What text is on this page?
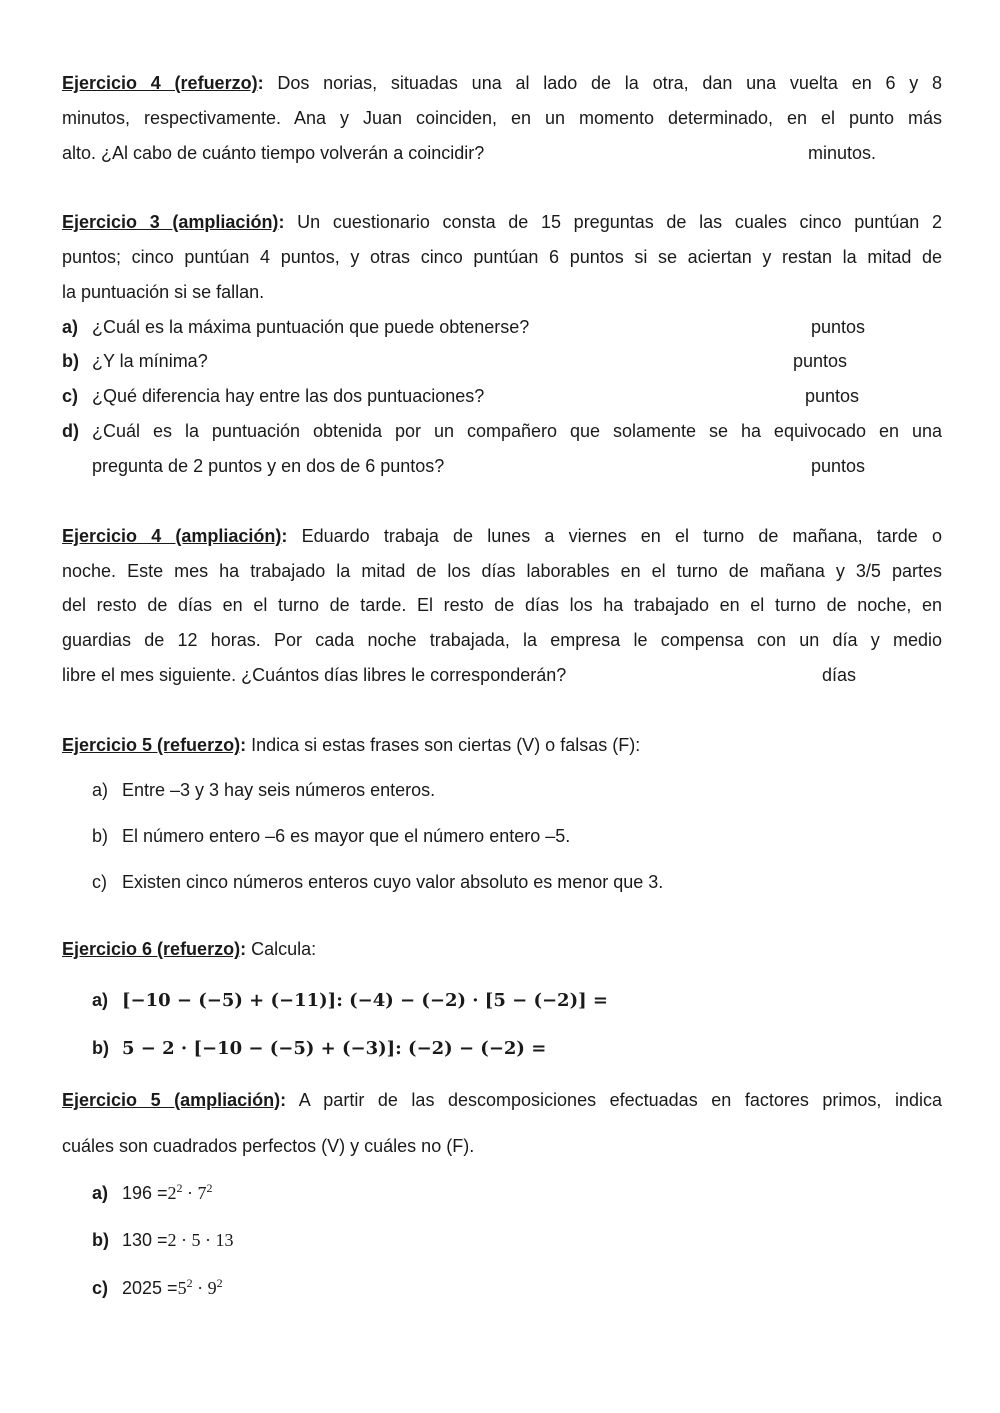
Ejercicio 4 (refuerzo): Dos norias, situadas una al lado de la otra, dan una vuelta en 6 y 8
minutos, respectivamente. Ana y Juan coinciden, en un momento determinado, en el punto más
alto. ¿Al cabo de cuánto tiempo volverán a coincidir?	minutos.
Ejercicio 3 (ampliación): Un cuestionario consta de 15 preguntas de las cuales cinco puntúan 2
puntos; cinco puntúan 4 puntos, y otras cinco puntúan 6 puntos si se aciertan y restan la mitad de
la puntuación si se fallan.
a) ¿Cuál es la máxima puntuación que puede obtenerse?	puntos
b) ¿Y la mínima?	puntos
c) ¿Qué diferencia hay entre las dos puntuaciones?	puntos
d) ¿Cuál es la puntuación obtenida por un compañero que solamente se ha equivocado en una
pregunta de 2 puntos y en dos de 6 puntos?	puntos
Ejercicio 4 (ampliación): Eduardo trabaja de lunes a viernes en el turno de mañana, tarde o
noche. Este mes ha trabajado la mitad de los días laborables en el turno de mañana y 3/5 partes
del resto de días en el turno de tarde. El resto de días los ha trabajado en el turno de noche, en
guardias de 12 horas. Por cada noche trabajada, la empresa le compensa con un día y medio
libre el mes siguiente. ¿Cuántos días libres le corresponderán?	días
Ejercicio 5 (refuerzo): Indica si estas frases son ciertas (V) o falsas (F):
a) Entre –3 y 3 hay seis números enteros.
b) El número entero –6 es mayor que el número entero –5.
c) Existen cinco números enteros cuyo valor absoluto es menor que 3.
Ejercicio 6 (refuerzo): Calcula:
a) [−10 − (−5) + (−11)]: (−4) − (−2) · [5 − (−2)] =
b) 5 − 2 · [−10 − (−5) + (−3)]: (−2) − (−2) =
Ejercicio 5 (ampliación): A partir de las descomposiciones efectuadas en factores primos, indica
cuáles son cuadrados perfectos (V) y cuáles no (F).
a) $196 =2^2 \cdot 7^2$
b) 130 =2 · 5 · 13
c) $2025 =5^2 \cdot 9^2$
